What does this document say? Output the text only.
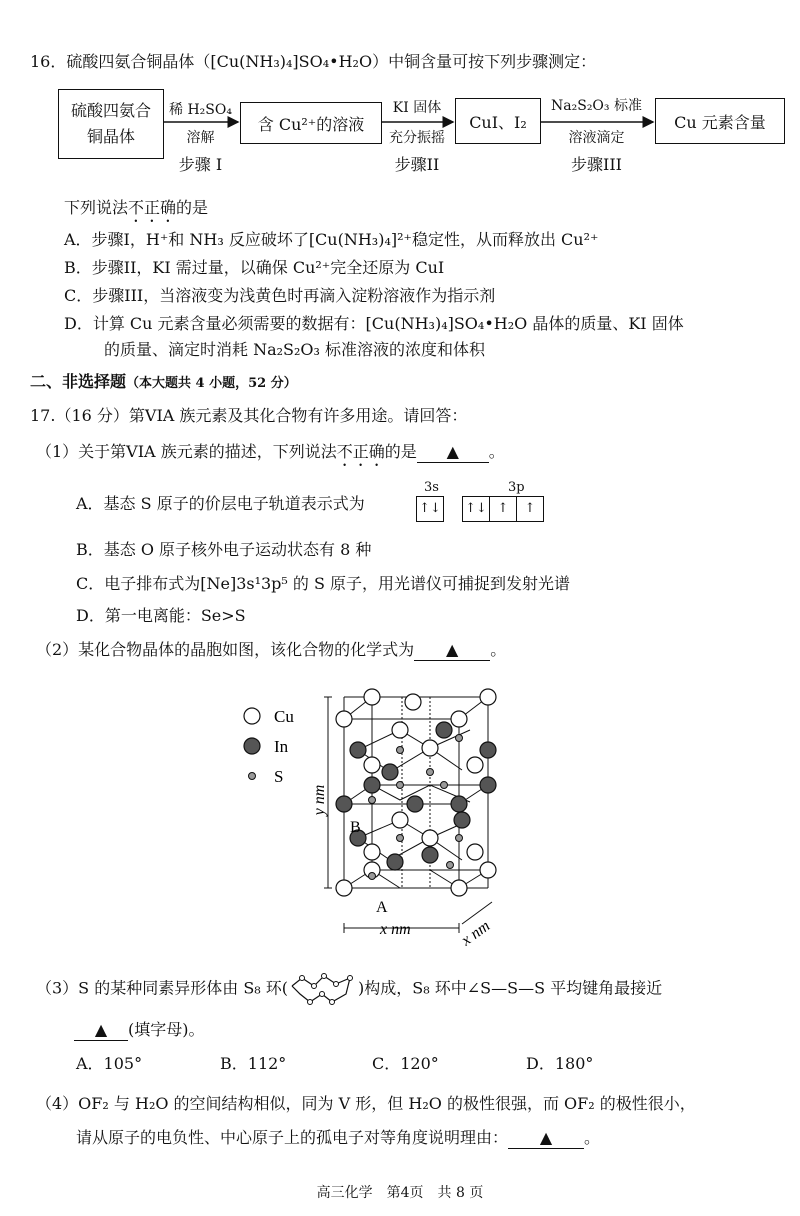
16．硫酸四氨合铜晶体（[Cu(NH₃)₄]SO₄•H₂O）中铜含量可按下列步骤测定：
硫酸四氨合铜晶体
含 Cu²⁺的溶液	CuI、I₂	Cu 元素含量
稀 H₂SO₄
溶解
步骤 I
KI 固体
充分振摇
步骤II
Na₂S₂O₃ 标准
溶液滴定
步骤III
下列说法不正确的是
A．步骤I，H⁺和 NH₃ 反应破坏了[Cu(NH₃)₄]²⁺稳定性，从而释放出 Cu²⁺
B．步骤II，KI 需过量，以确保 Cu²⁺完全还原为 CuI
C．步骤III，当溶液变为浅黄色时再滴入淀粉溶液作为指示剂
D．计算 Cu 元素含量必须需要的数据有：[Cu(NH₃)₄]SO₄•H₂O 晶体的质量、KI 固体
的质量、滴定时消耗 Na₂S₂O₃ 标准溶液的浓度和体积
二、非选择题（本大题共 4 小题，52 分）
17.（16 分）第VIA 族元素及其化合物有许多用途。请回答：
（1）关于第VIA 族元素的描述，下列说法不正确的是 ▲ 。
A．基态 S 原子的价层电子轨道表示式为
3s	3p
↑↓ ↑↓ ↑	↑
B．基态 O 原子核外电子运动状态有 8 种
C．电子排布式为[Ne]3s¹3p⁵ 的 S 原子，用光谱仪可捕捉到发射光谱
D．第一电离能：Se>S
（2）某化合物晶体的晶胞如图，该化合物的化学式为 ▲ 。
Cu
In
S
y nm
x nm	x nm
A
B
（3）S 的某种同素异形体由 S₈ 环(	)构成，S₈ 环中∠S—S—S 平均键角最接近
▲ (填字母)。
A．105°	B．112°	C．120°	D．180°
（4）OF₂ 与 H₂O 的空间结构相似，同为 V 形，但 H₂O 的极性很强，而 OF₂ 的极性很小，
请从原子的电负性、中心原子上的孤电子对等角度说明理由： ▲ 。
高三化学　第4页　共 8 页
